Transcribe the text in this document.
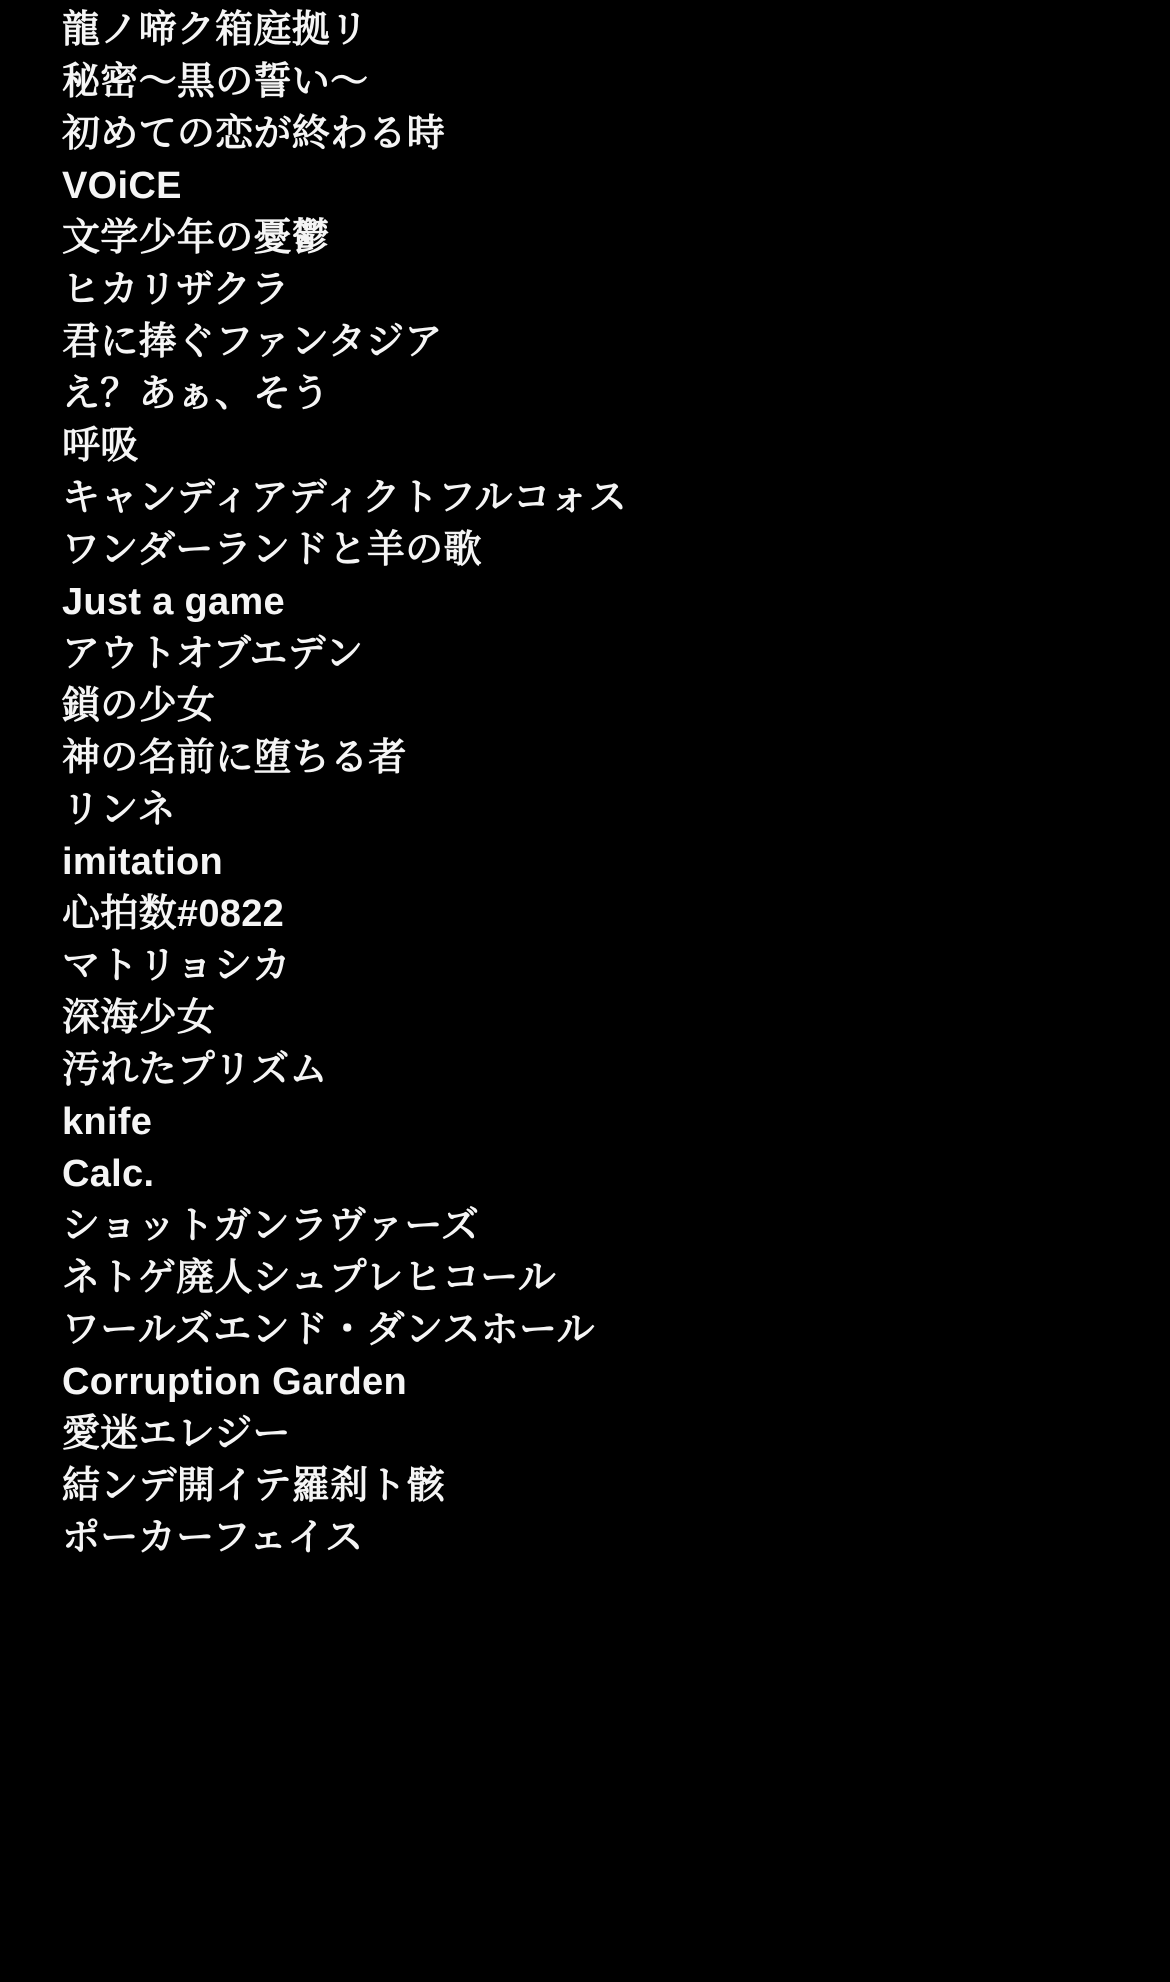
龍ノ啼ク箱庭拠リ
秘密〜黒の誓い〜
初めての恋が終わる時
VOiCE
文学少年の憂鬱
ヒカリザクラ
君に捧ぐファンタジア
え？あぁ、そう
呼吸
キャンディアディクトフルコォス
ワンダーランドと羊の歌
Just a game
アウトオブエデン
鎖の少女
神の名前に堕ちる者
リンネ
imitation
心拍数#0822
マトリョシカ
深海少女
汚れたプリズム
knife
Calc.
ショットガンラヴァーズ
ネトゲ廃人シュプレヒコール
ワールズエンド・ダンスホール
Corruption Garden
愛迷エレジー
結ンデ開イテ羅刹ト骸
ポーカーフェイス
